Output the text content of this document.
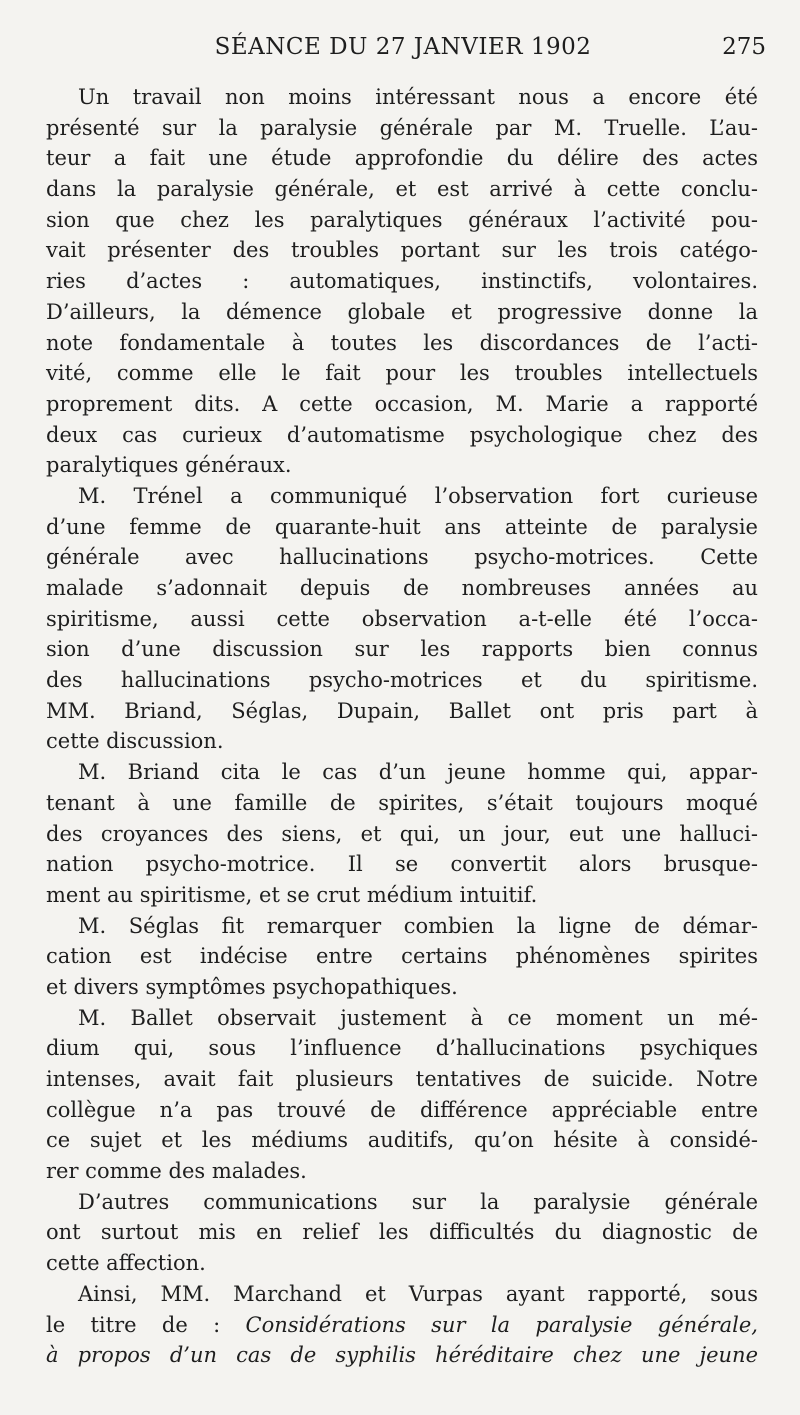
SÉANCE DU 27 JANVIER 1902	275
Un travail non moins intéressant nous a encore été
présenté sur la paralysie générale par M. Truelle. L’au-
teur a fait une étude approfondie du délire des actes
dans la paralysie générale, et est arrivé à cette conclu-
sion que chez les paralytiques généraux l’activité pou-
vait présenter des troubles portant sur les trois catégo-
ries d’actes : automatiques, instinctifs, volontaires.
D’ailleurs, la démence globale et progressive donne la
note fondamentale à toutes les discordances de l’acti-
vité, comme elle le fait pour les troubles intellectuels
proprement dits. A cette occasion, M. Marie a rapporté
deux cas curieux d’automatisme psychologique chez des
paralytiques généraux.
M. Trénel a communiqué l’observation fort curieuse
d’une femme de quarante-huit ans atteinte de paralysie
générale avec hallucinations psycho-motrices. Cette
malade s’adonnait depuis de nombreuses années au
spiritisme, aussi cette observation a-t-elle été l’occa-
sion d’une discussion sur les rapports bien connus
des hallucinations psycho-motrices et du spiritisme.
MM. Briand, Séglas, Dupain, Ballet ont pris part à
cette discussion.
M. Briand cita le cas d’un jeune homme qui, appar-
tenant à une famille de spirites, s’était toujours moqué
des croyances des siens, et qui, un jour, eut une halluci-
nation psycho-motrice. Il se convertit alors brusque-
ment au spiritisme, et se crut médium intuitif.
M. Séglas fit remarquer combien la ligne de démar-
cation est indécise entre certains phénomènes spirites
et divers symptômes psychopathiques.
M. Ballet observait justement à ce moment un mé-
dium qui, sous l’influence d’hallucinations psychiques
intenses, avait fait plusieurs tentatives de suicide. Notre
collègue n’a pas trouvé de différence appréciable entre
ce sujet et les médiums auditifs, qu’on hésite à considé-
rer comme des malades.
D’autres communications sur la paralysie générale
ont surtout mis en relief les difficultés du diagnostic de
cette affection.
Ainsi, MM. Marchand et Vurpas ayant rapporté, sous
le titre de : Considérations sur la paralysie générale,
à propos d’un cas de syphilis héréditaire chez une jeune
